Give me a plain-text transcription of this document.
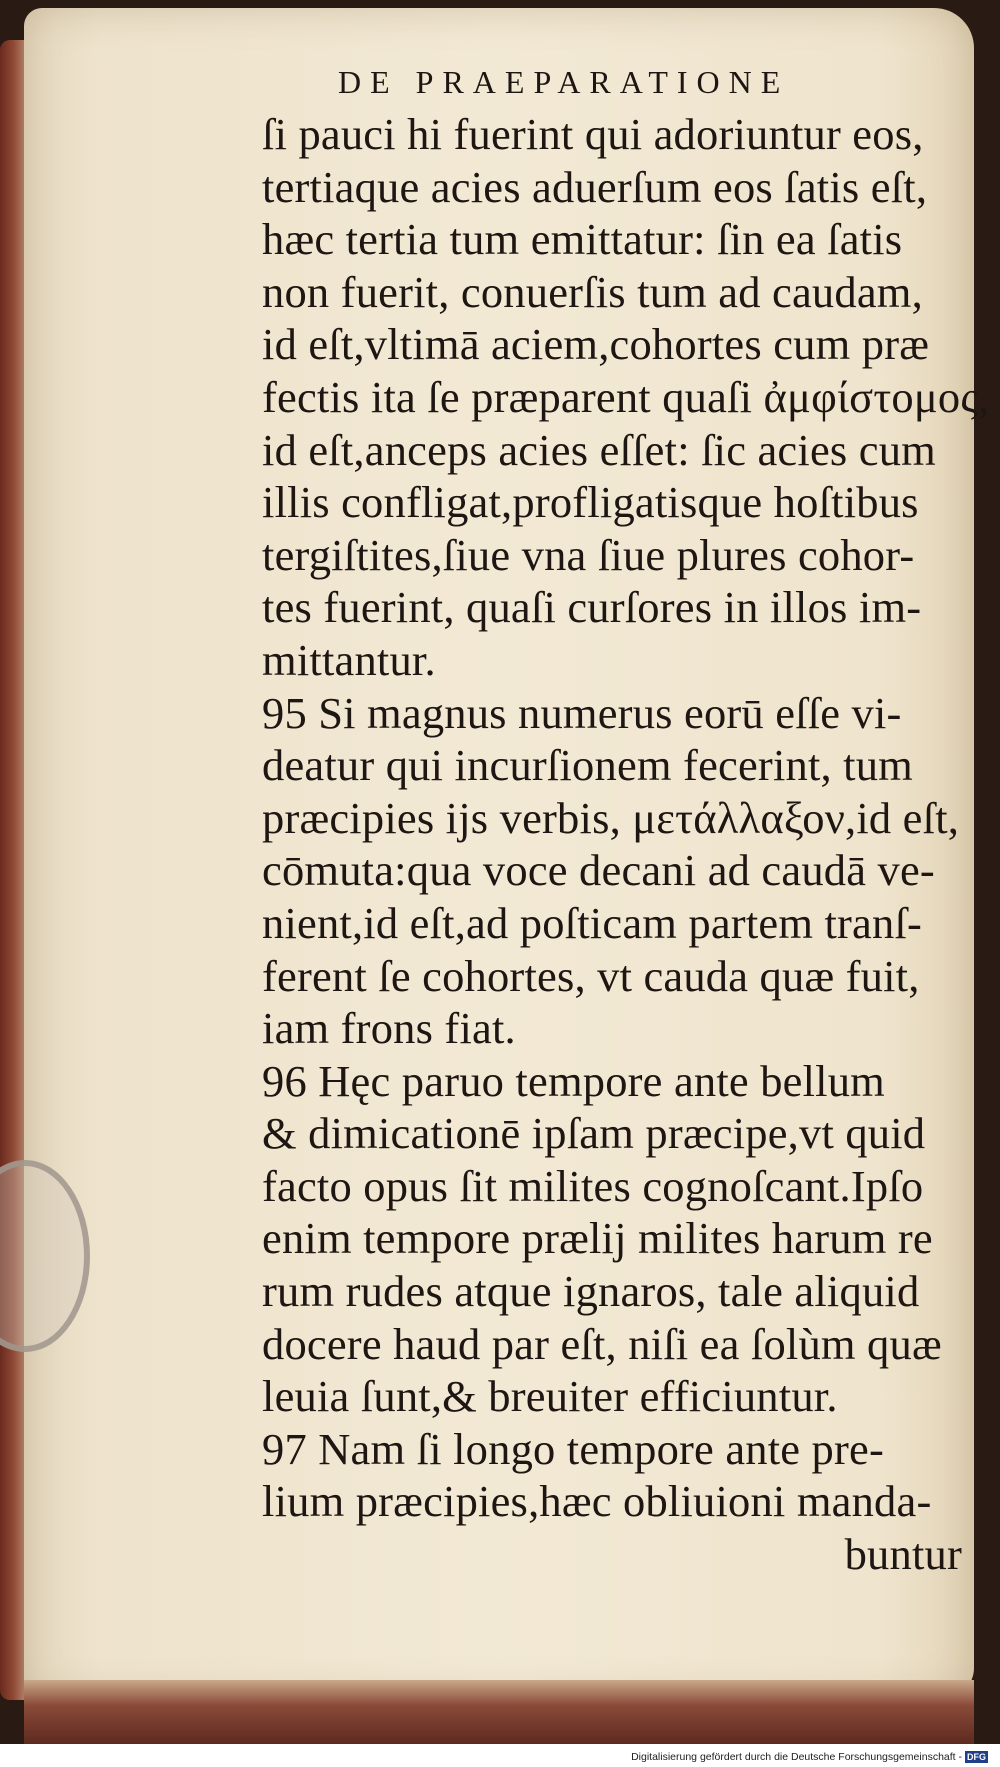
DE PRAEPARATIONE
ſi pauci hi fuerint qui adoriuntur eos,
tertiaque acies aduerſum eos ſatis eſt,
hæc tertia tum emittatur: ſin ea ſatis
non fuerit, conuerſis tum ad caudam,
id eſt,vltimā aciem,cohortes cum præ
fectis ita ſe præparent quaſi ἀμφίστομος,
id eſt,anceps acies eſſet: ſic acies cum
illis confligat,profligatisque hoſtibus
tergiſtites,ſiue vna ſiue plures cohor-
tes fuerint, quaſi curſores in illos im-
mittantur.
95 Si magnus numerus eorū eſſe vi-
deatur qui incurſionem fecerint, tum
præcipies ijs verbis, μετάλλαξον,id eſt,
cōmuta:qua voce decani ad caudā ve-
nient,id eſt,ad poſticam partem tranſ-
ferent ſe cohortes, vt cauda quæ fuit,
iam frons fiat.
96 Hęc paruo tempore ante bellum
& dimicationē ipſam præcipe,vt quid
facto opus ſit milites cognoſcant.Ipſo
enim tempore prælij milites harum re
rum rudes atque ignaros, tale aliquid
docere haud par eſt, niſi ea ſolùm quæ
leuia ſunt,& breuiter efficiuntur.
97 Nam ſi longo tempore ante pre-
lium præcipies,hæc obliuioni manda-
buntur
Digitalisierung gefördert durch die Deutsche Forschungsgemeinschaft - DFG
